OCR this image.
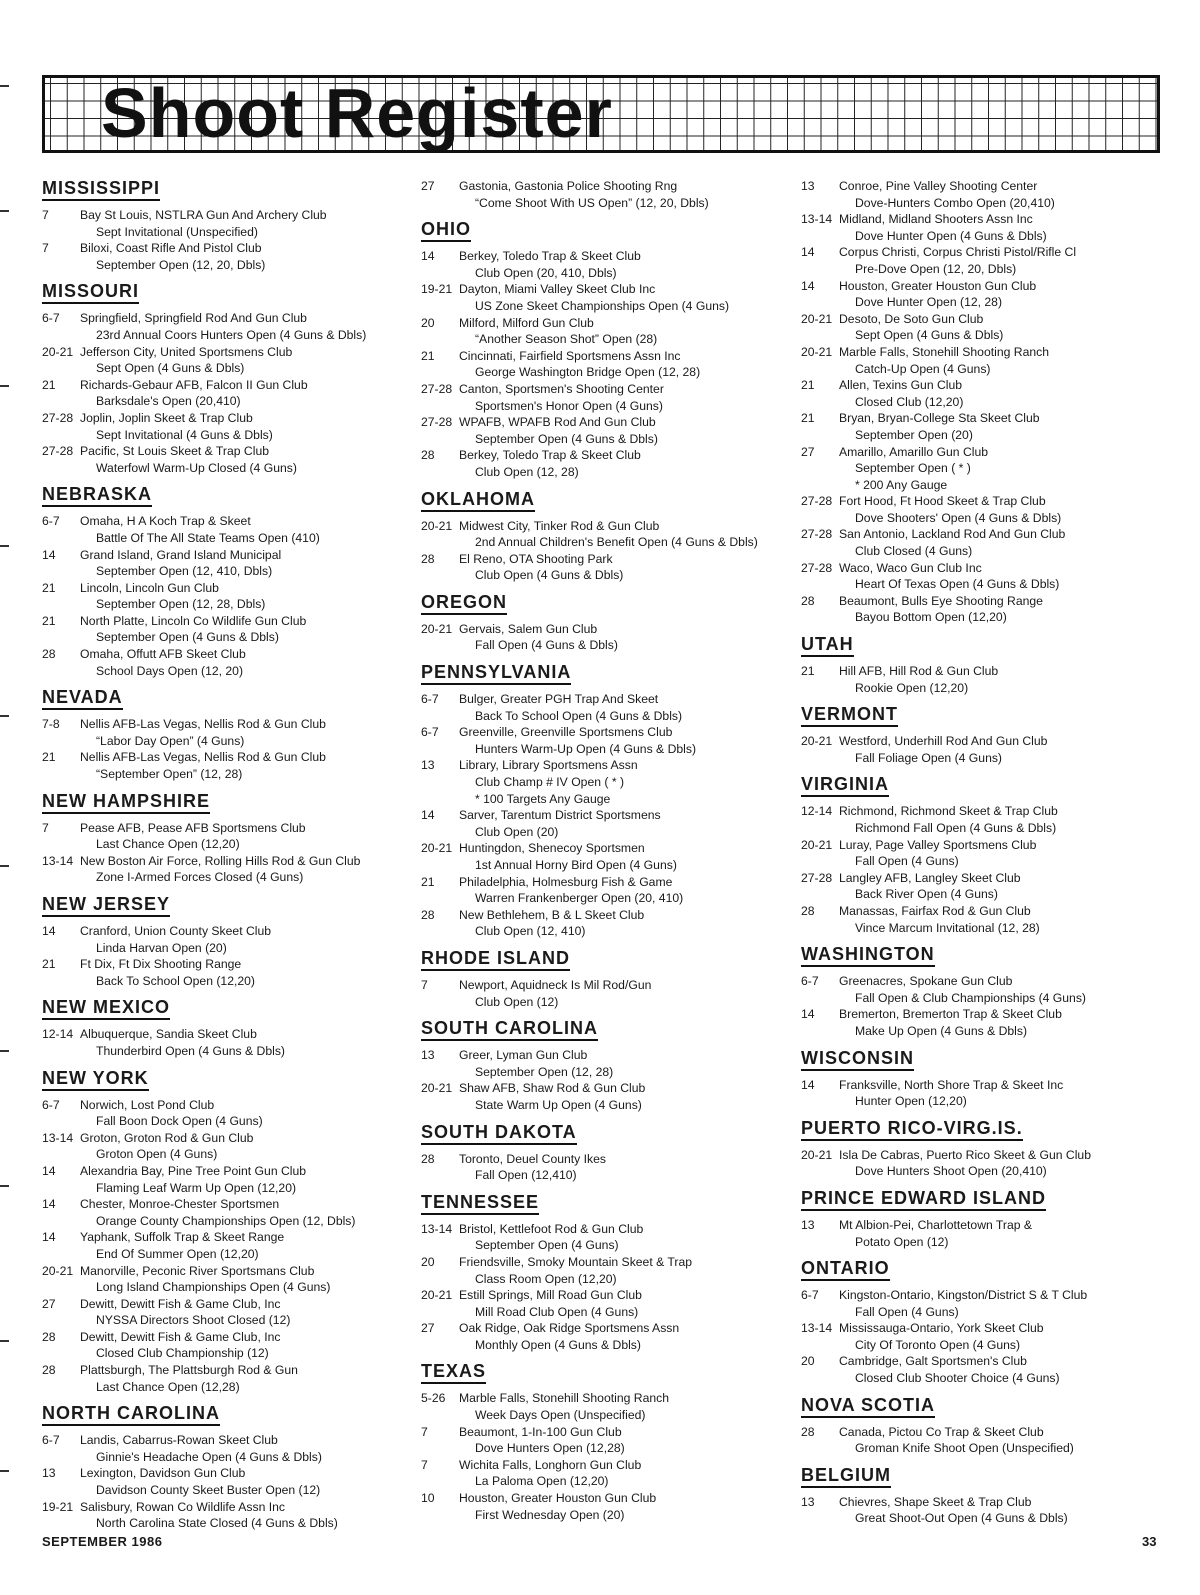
Shoot Register
MISSISSIPPI
7	Bay St Louis, NSTLRA Gun And Archery Club
Sept Invitational (Unspecified)
7	Biloxi, Coast Rifle And Pistol Club
September Open (12, 20, Dbls)
MISSOURI
6-7	Springfield, Springfield Rod And Gun Club
23rd Annual Coors Hunters Open (4 Guns & Dbls)
20-21 Jefferson City, United Sportsmens Club
Sept Open (4 Guns & Dbls)
21	Richards-Gebaur AFB, Falcon II Gun Club
Barksdale's Open (20,410)
27-28 Joplin, Joplin Skeet & Trap Club
Sept Invitational (4 Guns & Dbls)
27-28 Pacific, St Louis Skeet & Trap Club
Waterfowl Warm-Up Closed (4 Guns)
NEBRASKA
6-7	Omaha, H A Koch Trap & Skeet
Battle Of The All State Teams Open (410)
14	Grand Island, Grand Island Municipal
September Open (12, 410, Dbls)
21	Lincoln, Lincoln Gun Club
September Open (12, 28, Dbls)
21	North Platte, Lincoln Co Wildlife Gun Club
September Open (4 Guns & Dbls)
28	Omaha, Offutt AFB Skeet Club
School Days Open (12, 20)
NEVADA
7-8	Nellis AFB-Las Vegas, Nellis Rod & Gun Club
“Labor Day Open” (4 Guns)
21	Nellis AFB-Las Vegas, Nellis Rod & Gun Club
“September Open” (12, 28)
NEW HAMPSHIRE
7	Pease AFB, Pease AFB Sportsmens Club
Last Chance Open (12,20)
13-14 New Boston Air Force, Rolling Hills Rod & Gun Club
Zone I-Armed Forces Closed (4 Guns)
NEW JERSEY
14	Cranford, Union County Skeet Club
Linda Harvan Open (20)
21	Ft Dix, Ft Dix Shooting Range
Back To School Open (12,20)
NEW MEXICO
12-14 Albuquerque, Sandia Skeet Club
Thunderbird Open (4 Guns & Dbls)
NEW YORK
6-7	Norwich, Lost Pond Club
Fall Boon Dock Open (4 Guns)
13-14 Groton, Groton Rod & Gun Club
Groton Open (4 Guns)
14	Alexandria Bay, Pine Tree Point Gun Club
Flaming Leaf Warm Up Open (12,20)
14	Chester, Monroe-Chester Sportsmen
Orange County Championships Open (12, Dbls)
14	Yaphank, Suffolk Trap & Skeet Range
End Of Summer Open (12,20)
20-21 Manorville, Peconic River Sportsmans Club
Long Island Championships Open (4 Guns)
27	Dewitt, Dewitt Fish & Game Club, Inc
NYSSA Directors Shoot Closed (12)
28	Dewitt, Dewitt Fish & Game Club, Inc
Closed Club Championship (12)
28	Plattsburgh, The Plattsburgh Rod & Gun
Last Chance Open (12,28)
NORTH CAROLINA
6-7	Landis, Cabarrus-Rowan Skeet Club
Ginnie's Headache Open (4 Guns & Dbls)
13	Lexington, Davidson Gun Club
Davidson County Skeet Buster Open (12)
19-21 Salisbury, Rowan Co Wildlife Assn Inc
North Carolina State Closed (4 Guns & Dbls)
27	Gastonia, Gastonia Police Shooting Rng
“Come Shoot With US Open” (12, 20, Dbls)
OHIO
14	Berkey, Toledo Trap & Skeet Club
Club Open (20, 410, Dbls)
19-21 Dayton, Miami Valley Skeet Club Inc
US Zone Skeet Championships Open (4 Guns)
20	Milford, Milford Gun Club
“Another Season Shot” Open (28)
21	Cincinnati, Fairfield Sportsmens Assn Inc
George Washington Bridge Open (12, 28)
27-28 Canton, Sportsmen's Shooting Center
Sportsmen's Honor Open (4 Guns)
27-28 WPAFB, WPAFB Rod And Gun Club
September Open (4 Guns & Dbls)
28	Berkey, Toledo Trap & Skeet Club
Club Open (12, 28)
OKLAHOMA
20-21 Midwest City, Tinker Rod & Gun Club
2nd Annual Children's Benefit Open (4 Guns & Dbls)
28	El Reno, OTA Shooting Park
Club Open (4 Guns & Dbls)
OREGON
20-21 Gervais, Salem Gun Club
Fall Open (4 Guns & Dbls)
PENNSYLVANIA
6-7	Bulger, Greater PGH Trap And Skeet
Back To School Open (4 Guns & Dbls)
6-7	Greenville, Greenville Sportsmens Club
Hunters Warm-Up Open (4 Guns & Dbls)
13	Library, Library Sportsmens Assn
Club Champ # IV Open ( * )
* 100 Targets Any Gauge
14	Sarver, Tarentum District Sportsmens
Club Open (20)
20-21 Huntingdon, Shenecoy Sportsmen
1st Annual Horny Bird Open (4 Guns)
21	Philadelphia, Holmesburg Fish & Game
Warren Frankenberger Open (20, 410)
28	New Bethlehem, B & L Skeet Club
Club Open (12, 410)
RHODE ISLAND
7	Newport, Aquidneck Is Mil Rod/Gun
Club Open (12)
SOUTH CAROLINA
13	Greer, Lyman Gun Club
September Open (12, 28)
20-21 Shaw AFB, Shaw Rod & Gun Club
State Warm Up Open (4 Guns)
SOUTH DAKOTA
28	Toronto, Deuel County Ikes
Fall Open (12,410)
TENNESSEE
13-14 Bristol, Kettlefoot Rod & Gun Club
September Open (4 Guns)
20	Friendsville, Smoky Mountain Skeet & Trap
Class Room Open (12,20)
20-21 Estill Springs, Mill Road Gun Club
Mill Road Club Open (4 Guns)
27	Oak Ridge, Oak Ridge Sportsmens Assn
Monthly Open (4 Guns & Dbls)
TEXAS
5-26	Marble Falls, Stonehill Shooting Ranch
Week Days Open (Unspecified)
7	Beaumont, 1-In-100 Gun Club
Dove Hunters Open (12,28)
7	Wichita Falls, Longhorn Gun Club
La Paloma Open (12,20)
10	Houston, Greater Houston Gun Club
First Wednesday Open (20)
13	Conroe, Pine Valley Shooting Center
Dove-Hunters Combo Open (20,410)
13-14 Midland, Midland Shooters Assn Inc
Dove Hunter Open (4 Guns & Dbls)
14	Corpus Christi, Corpus Christi Pistol/Rifle Cl
Pre-Dove Open (12, 20, Dbls)
14	Houston, Greater Houston Gun Club
Dove Hunter Open (12, 28)
20-21 Desoto, De Soto Gun Club
Sept Open (4 Guns & Dbls)
20-21 Marble Falls, Stonehill Shooting Ranch
Catch-Up Open (4 Guns)
21	Allen, Texins Gun Club
Closed Club (12,20)
21	Bryan, Bryan-College Sta Skeet Club
September Open (20)
27	Amarillo, Amarillo Gun Club
September Open ( * )
* 200 Any Gauge
27-28 Fort Hood, Ft Hood Skeet & Trap Club
Dove Shooters' Open (4 Guns & Dbls)
27-28 San Antonio, Lackland Rod And Gun Club
Club Closed (4 Guns)
27-28 Waco, Waco Gun Club Inc
Heart Of Texas Open (4 Guns & Dbls)
28	Beaumont, Bulls Eye Shooting Range
Bayou Bottom Open (12,20)
UTAH
21	Hill AFB, Hill Rod & Gun Club
Rookie Open (12,20)
VERMONT
20-21 Westford, Underhill Rod And Gun Club
Fall Foliage Open (4 Guns)
VIRGINIA
12-14 Richmond, Richmond Skeet & Trap Club
Richmond Fall Open (4 Guns & Dbls)
20-21 Luray, Page Valley Sportsmens Club
Fall Open (4 Guns)
27-28 Langley AFB, Langley Skeet Club
Back River Open (4 Guns)
28	Manassas, Fairfax Rod & Gun Club
Vince Marcum Invitational (12, 28)
WASHINGTON
6-7	Greenacres, Spokane Gun Club
Fall Open & Club Championships (4 Guns)
14	Bremerton, Bremerton Trap & Skeet Club
Make Up Open (4 Guns & Dbls)
WISCONSIN
14	Franksville, North Shore Trap & Skeet Inc
Hunter Open (12,20)
PUERTO RICO-VIRG.IS.
20-21 Isla De Cabras, Puerto Rico Skeet & Gun Club
Dove Hunters Shoot Open (20,410)
PRINCE EDWARD ISLAND
13	Mt Albion-Pei, Charlottetown Trap &
Potato Open (12)
ONTARIO
6-7	Kingston-Ontario, Kingston/District S & T Club
Fall Open (4 Guns)
13-14 Mississauga-Ontario, York Skeet Club
City Of Toronto Open (4 Guns)
20	Cambridge, Galt Sportsmen's Club
Closed Club Shooter Choice (4 Guns)
NOVA SCOTIA
28	Canada, Pictou Co Trap & Skeet Club
Groman Knife Shoot Open (Unspecified)
BELGIUM
13	Chievres, Shape Skeet & Trap Club
Great Shoot-Out Open (4 Guns & Dbls)
SEPTEMBER 1986	33
